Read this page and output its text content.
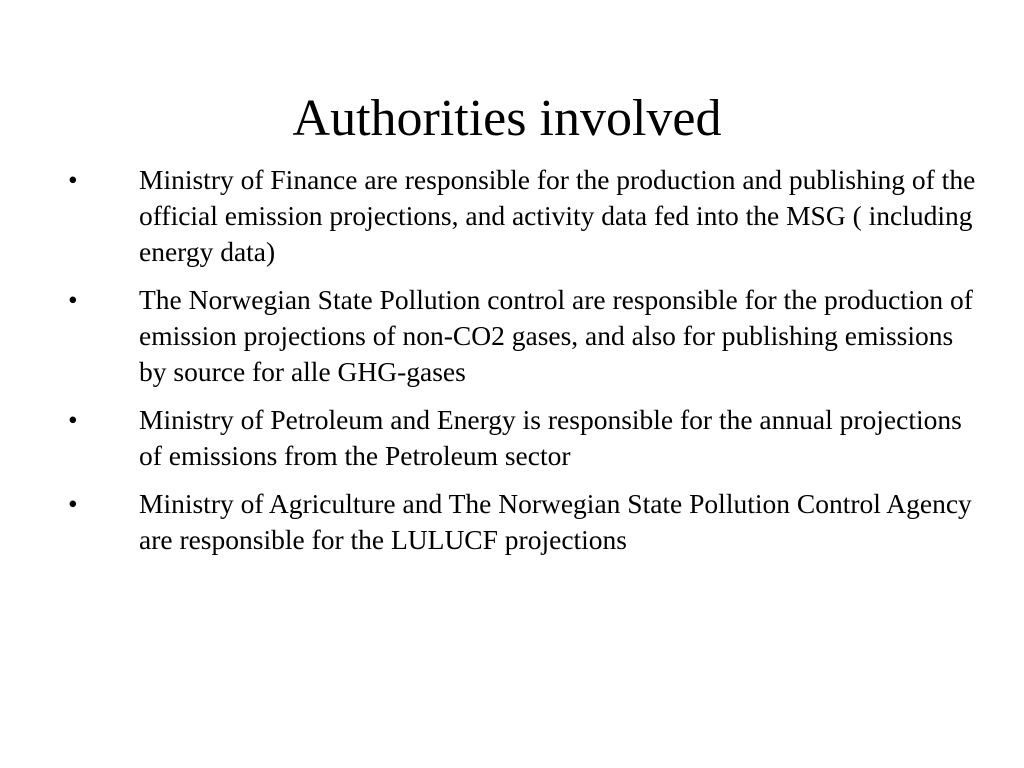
Authorities involved
•	Ministry of Finance are responsible for the production and publishing of the official emission projections, and activity data fed into the MSG ( including energy data)
•	The Norwegian State Pollution control are responsible for the production of emission projections of non-CO2 gases, and also for publishing emissions by source for alle GHG-gases
•	Ministry of Petroleum and Energy is responsible for the annual projections of emissions from the Petroleum sector
•	Ministry of Agriculture and The Norwegian State Pollution Control Agency are responsible for the LULUCF projections
